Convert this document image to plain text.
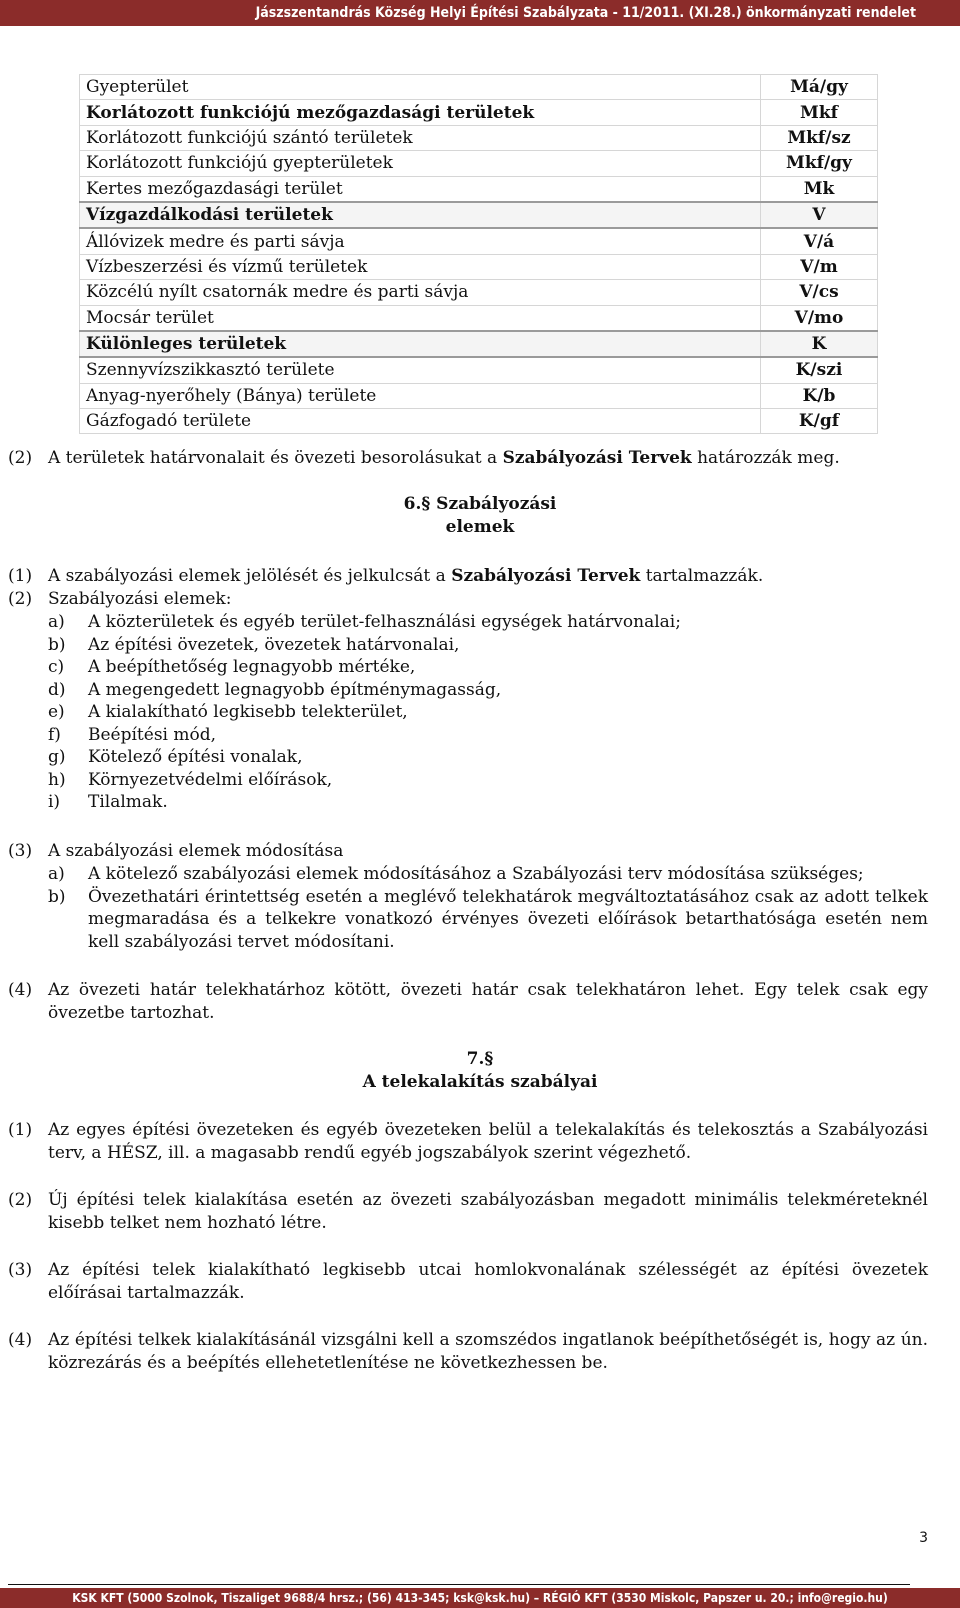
Jászszentandrás Község Helyi Építési Szabályzata - 11/2011. (XI.28.) önkormányzati rendelet
Gyepterület	Má/gy
Korlátozott funkciójú mezőgazdasági területek	Mkf
Korlátozott funkciójú szántó területek	Mkf/sz
Korlátozott funkciójú gyepterületek	Mkf/gy
Kertes mezőgazdasági terület	Mk
Vízgazdálkodási területek	V
Állóvizek medre és parti sávja	V/á
Vízbeszerzési és vízmű területek	V/m
Közcélú nyílt csatornák medre és parti sávja	V/cs
Mocsár terület	V/mo
Különleges területek	K
Szennyvízszikkasztó területe	K/szi
Anyag-nyerőhely (Bánya) területe	K/b
Gázfogadó területe	K/gf
(2) A területek határvonalait és övezeti besorolásukat a Szabályozási Tervek határozzák meg.
6.§ Szabályozási
elemek
(1) A szabályozási elemek jelölését és jelkulcsát a Szabályozási Tervek tartalmazzák.
(2) Szabályozási elemek:
a) A közterületek és egyéb terület-felhasználási egységek határvonalai;
b) Az építési övezetek, övezetek határvonalai,
c) A beépíthetőség legnagyobb mértéke,
d) A megengedett legnagyobb építménymagasság,
e) A kialakítható legkisebb telekterület,
f) Beépítési mód,
g) Kötelező építési vonalak,
h) Környezetvédelmi előírások,
i) Tilalmak.
(3) A szabályozási elemek módosítása
a) A kötelező szabályozási elemek módosításához a Szabályozási terv módosítása szükséges;
b) Övezethatári érintettség esetén a meglévő telekhatárok megváltoztatásához csak az adott telkek megmaradása és a telkekre vonatkozó érvényes övezeti előírások betarthatósága esetén nem kell szabályozási tervet módosítani.
(4) Az övezeti határ telekhatárhoz kötött, övezeti határ csak telekhatáron lehet. Egy telek csak egy övezetbe tartozhat.
7.§
A telekalakítás szabályai
(1) Az egyes építési övezeteken és egyéb övezeteken belül a telekalakítás és telekosztás a Szabályozási terv, a HÉSZ, ill. a magasabb rendű egyéb jogszabályok szerint végezhető.
(2) Új építési telek kialakítása esetén az övezeti szabályozásban megadott minimális telekméreteknél kisebb telket nem hozható létre.
(3) Az építési telek kialakítható legkisebb utcai homlokvonalának szélességét az építési övezetek előírásai tartalmazzák.
(4) Az építési telkek kialakításánál vizsgálni kell a szomszédos ingatlanok beépíthetőségét is, hogy az ún. közrezárás és a beépítés ellehetetlenítése ne következhessen be.
3
KSK KFT (5000 Szolnok, Tiszaliget 9688/4 hrsz.; (56) 413-345; ksk@ksk.hu) – RÉGIÓ KFT (3530 Miskolc, Papszer u. 20.; info@regio.hu)
